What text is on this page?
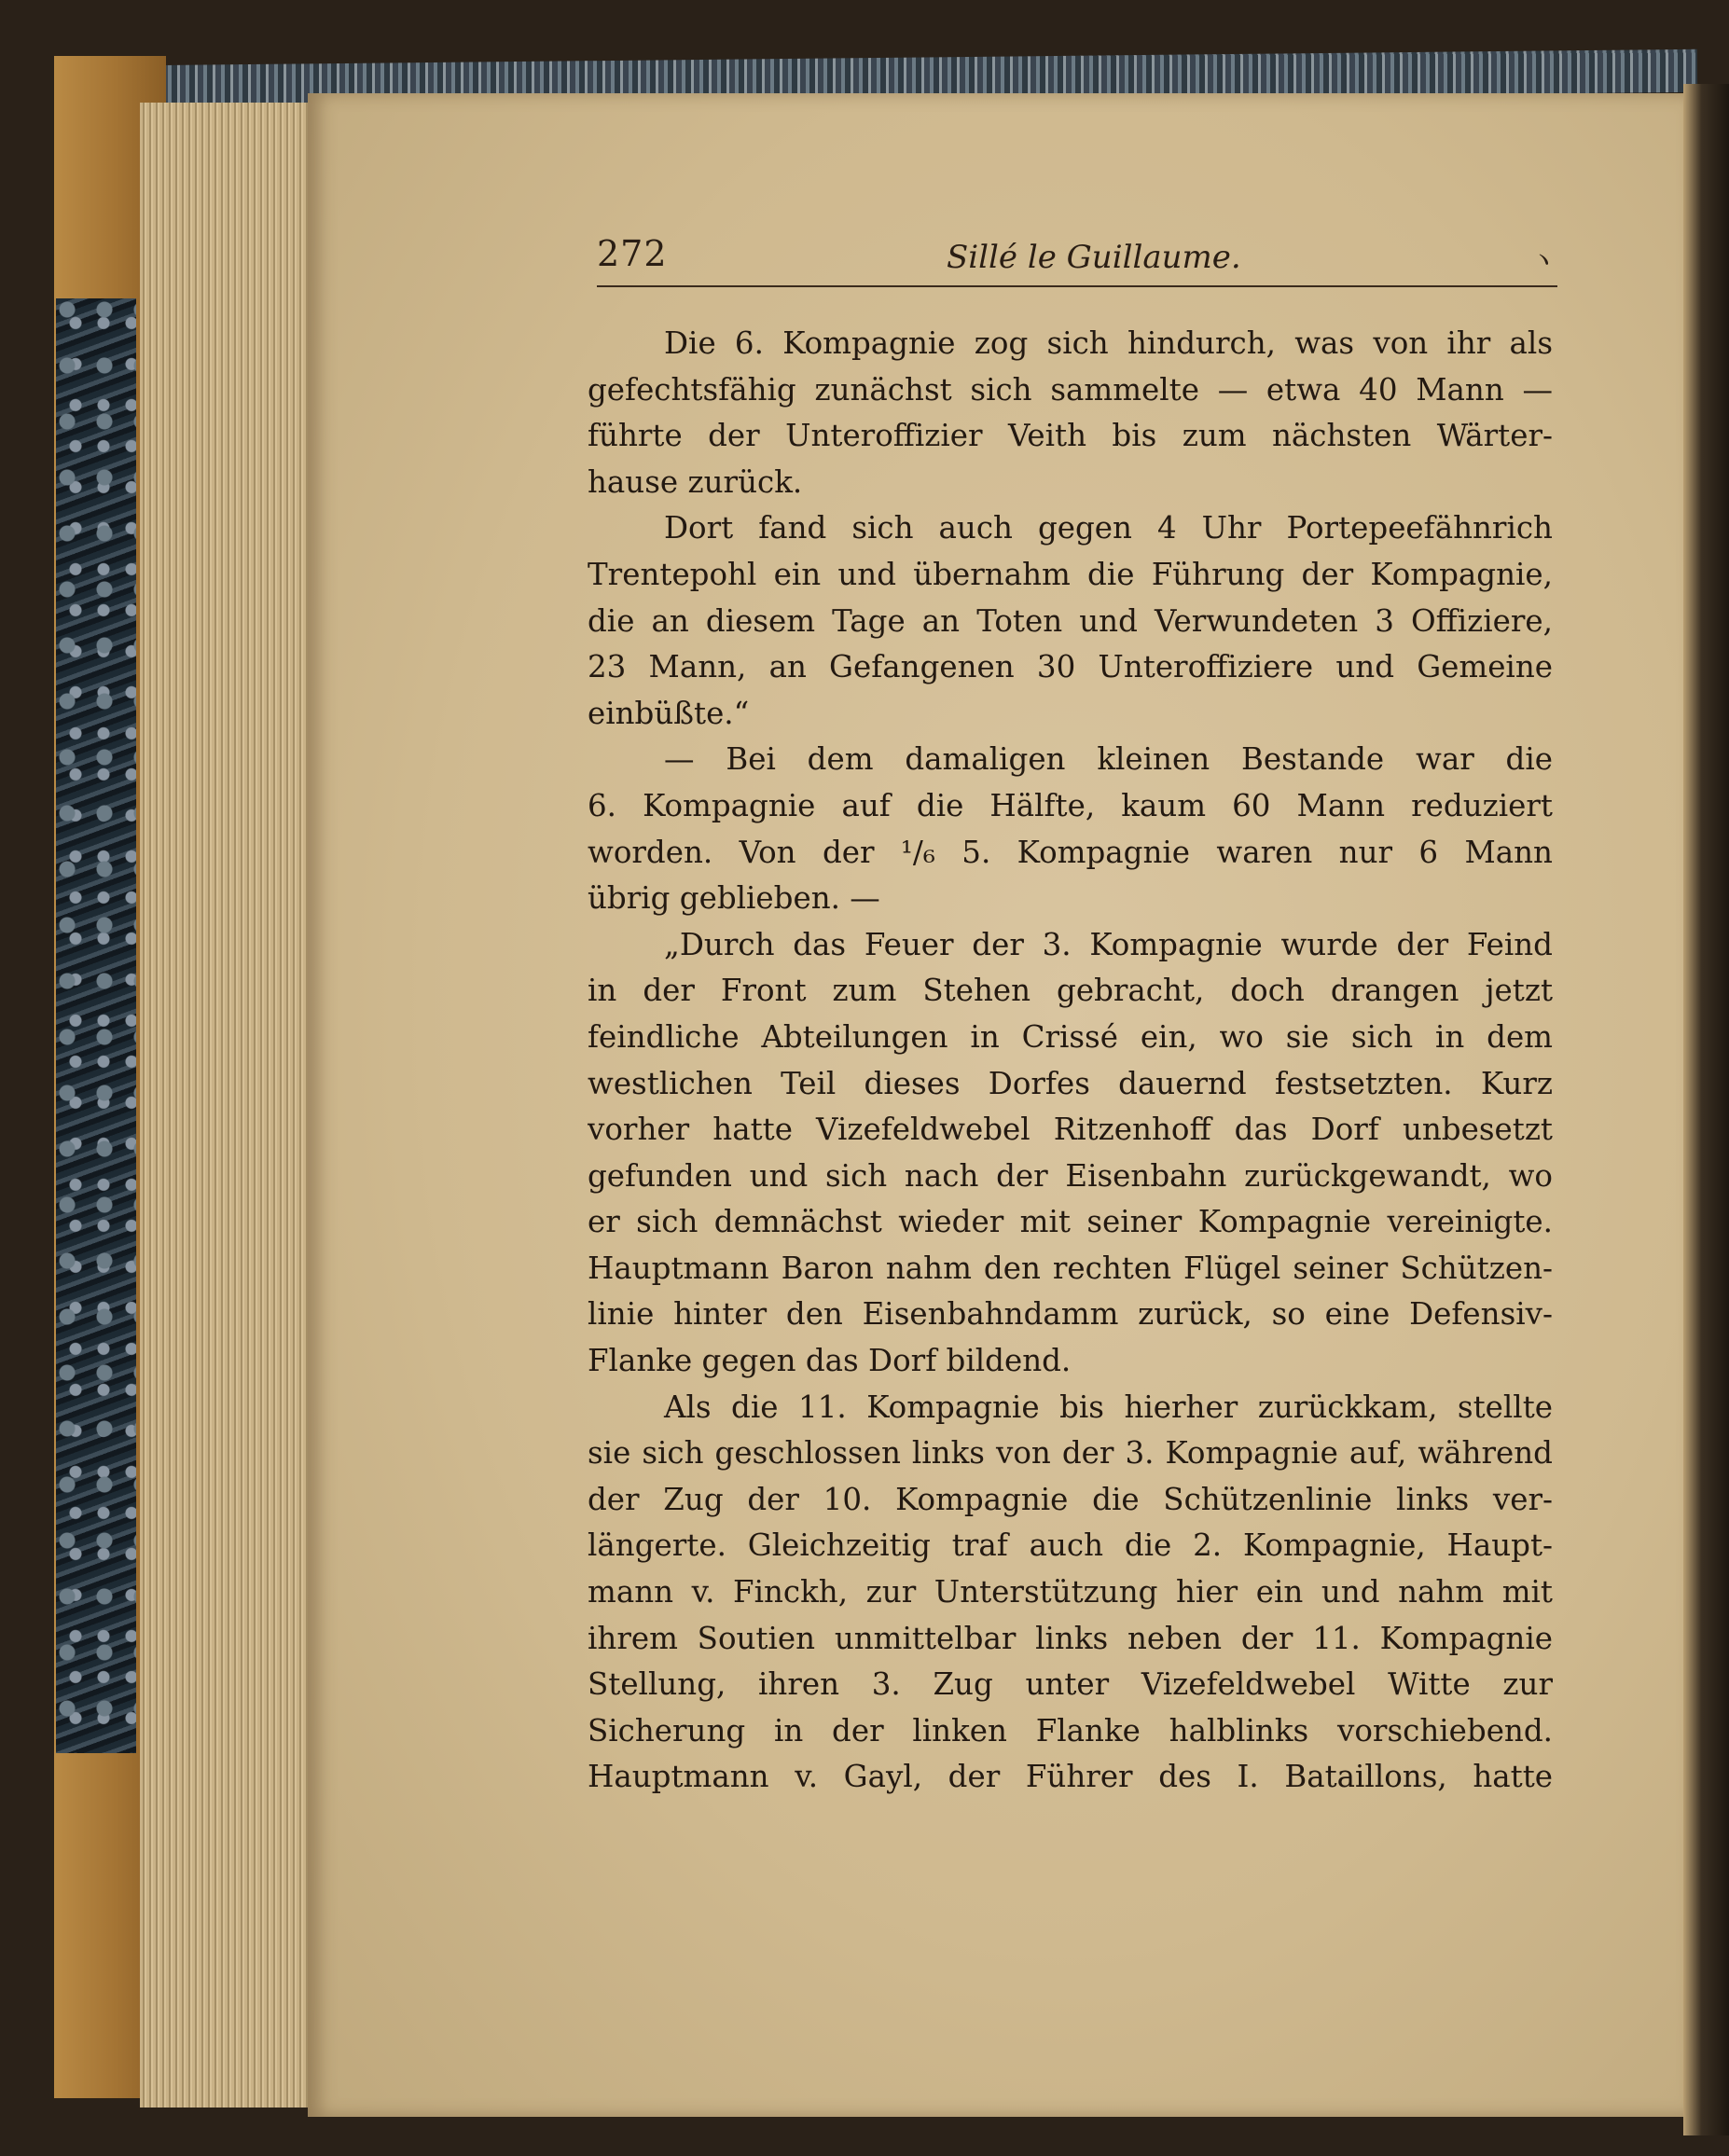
272	Sillé le Guillaume.	ヽ
Die 6. Kompagnie zog sich hindurch, was von ihr als
gefechtsfähig zunächst sich sammelte — etwa 40 Mann —
führte der Unteroffizier Veith bis zum nächsten Wärter-
hause zurück.
Dort fand sich auch gegen 4 Uhr Portepeefähnrich
Trentepohl ein und übernahm die Führung der Kompagnie,
die an diesem Tage an Toten und Verwundeten 3 Offiziere,
23 Mann, an Gefangenen 30 Unteroffiziere und Gemeine
einbüßte.“
— Bei dem damaligen kleinen Bestande war die
6. Kompagnie auf die Hälfte, kaum 60 Mann reduziert
worden. Von der ¹/₆ 5. Kompagnie waren nur 6 Mann
übrig geblieben. —
„Durch das Feuer der 3. Kompagnie wurde der Feind
in der Front zum Stehen gebracht, doch drangen jetzt
feindliche Abteilungen in Crissé ein, wo sie sich in dem
westlichen Teil dieses Dorfes dauernd festsetzten. Kurz
vorher hatte Vizefeldwebel Ritzenhoff das Dorf unbesetzt
gefunden und sich nach der Eisenbahn zurückgewandt, wo
er sich demnächst wieder mit seiner Kompagnie vereinigte.
Hauptmann Baron nahm den rechten Flügel seiner Schützen-
linie hinter den Eisenbahndamm zurück, so eine Defensiv-
Flanke gegen das Dorf bildend.
Als die 11. Kompagnie bis hierher zurückkam, stellte
sie sich geschlossen links von der 3. Kompagnie auf, während
der Zug der 10. Kompagnie die Schützenlinie links ver-
längerte. Gleichzeitig traf auch die 2. Kompagnie, Haupt-
mann v. Finckh, zur Unterstützung hier ein und nahm mit
ihrem Soutien unmittelbar links neben der 11. Kompagnie
Stellung, ihren 3. Zug unter Vizefeldwebel Witte zur
Sicherung in der linken Flanke halblinks vorschiebend.
Hauptmann v. Gayl, der Führer des I. Bataillons, hatte
